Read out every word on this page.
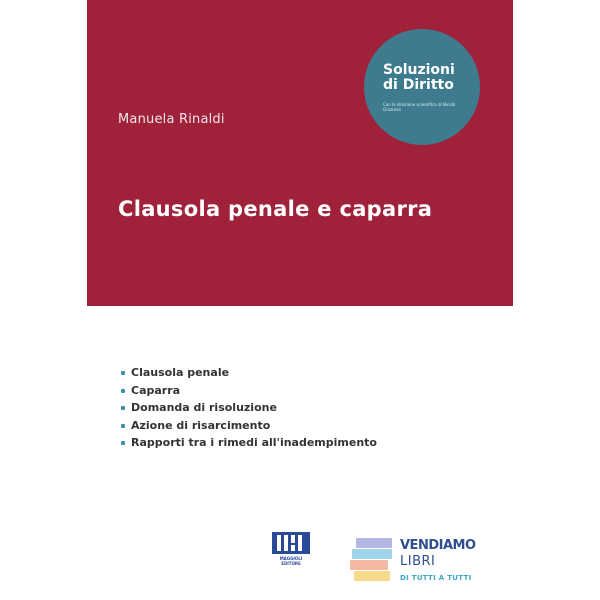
Manuela Rinaldi
Clausola penale e caparra
Soluzioni di Diritto
Con la direzione scientifica di Nicola Graziano
Clausola penale
Caparra
Domanda di risoluzione
Azione di risarcimento
Rapporti tra i rimedi all'inadempimento
VENDIAMO
LIBRI
DI TUTTI A TUTTI
MAGGIOLI EDITORE
